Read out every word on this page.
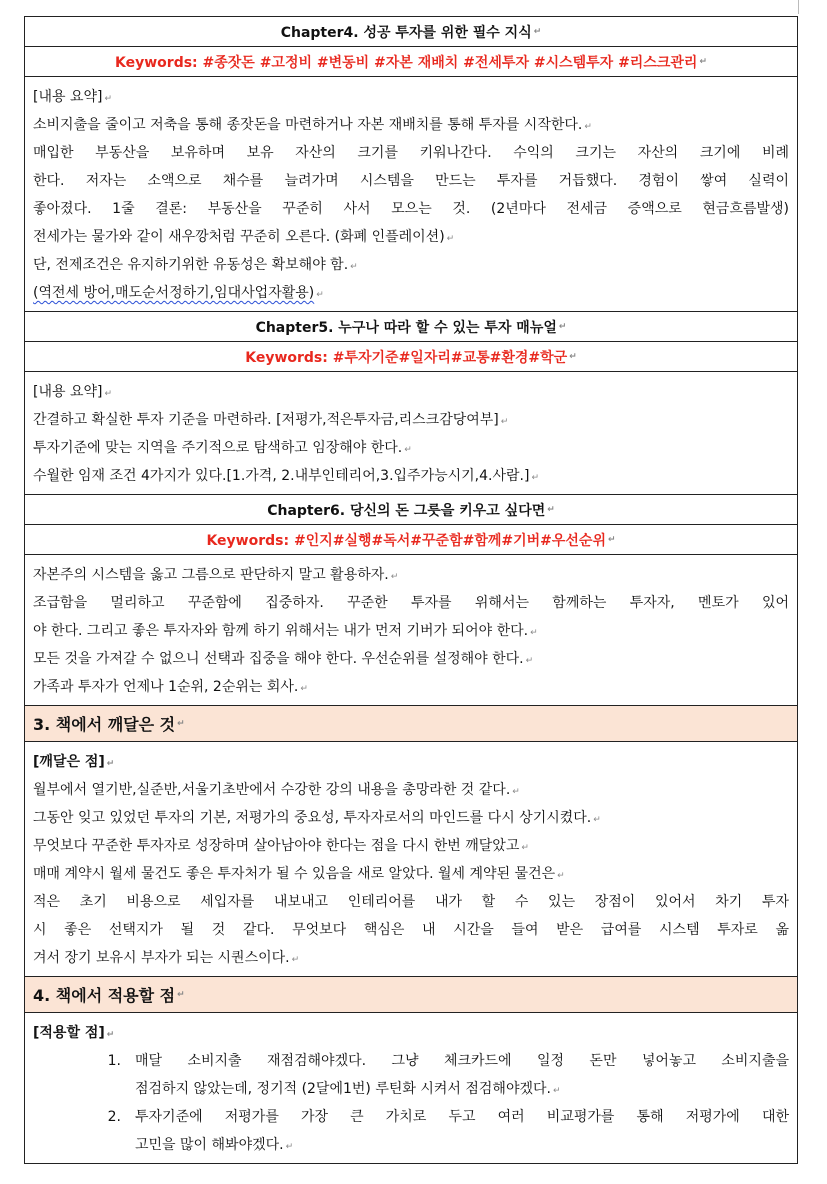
Chapter4. 성공 투자를 위한 필수 지식 ↵
Keywords: #종잣돈 #고정비 #변동비 #자본 재배치 #전세투자 #시스템투자 #리스크관리 ↵
[내용 요약] ↵
소비지출을 줄이고 저축을 통해 종잣돈을 마련하거나 자본 재배치를 통해 투자를 시작한다. ↵
매입한 부동산을 보유하며 보유 자산의 크기를 키워나간다. 수익의 크기는 자산의 크기에 비례
한다. 저자는 소액으로 채수를 늘려가며 시스템을 만드는 투자를 거듭했다. 경험이 쌓여 실력이
좋아졌다. 1줄 결론: 부동산을 꾸준히 사서 모으는 것. (2년마다 전세금 증액으로 현금흐름발생)
전세가는 물가와 같이 새우깡처럼 꾸준히 오른다. (화폐 인플레이션) ↵
단, 전제조건은 유지하기위한 유동성은 확보해야 함. ↵
(역전세 방어,매도순서정하기,임대사업자활용) ↵
Chapter5. 누구나 따라 할 수 있는 투자 매뉴얼 ↵
Keywords: #투자기준#일자리#교통#환경#학군 ↵
[내용 요약] ↵
간결하고 확실한 투자 기준을 마련하라. [저평가,적은투자금,리스크감당여부] ↵
투자기준에 맞는 지역을 주기적으로 탐색하고 임장해야 한다. ↵
수월한 임재 조건 4가지가 있다.[1.가격, 2.내부인테리어,3.입주가능시기,4.사람.] ↵
Chapter6. 당신의 돈 그릇을 키우고 싶다면 ↵
Keywords: #인지#실행#독서#꾸준함#함께#기버#우선순위 ↵
자본주의 시스템을 옳고 그름으로 판단하지 말고 활용하자. ↵
조급함을 멀리하고 꾸준함에 집중하자. 꾸준한 투자를 위해서는 함께하는 투자자, 멘토가 있어
야 한다. 그리고 좋은 투자자와 함께 하기 위해서는 내가 먼저 기버가 되어야 한다. ↵
모든 것을 가져갈 수 없으니 선택과 집중을 해야 한다. 우선순위를 설정해야 한다. ↵
가족과 투자가 언제나 1순위, 2순위는 회사. ↵
3. 책에서 깨달은 것 ↵
[깨달은 점] ↵
월부에서 열기반,실준반,서울기초반에서 수강한 강의 내용을 총망라한 것 같다. ↵
그동안 잊고 있었던 투자의 기본, 저평가의 중요성, 투자자로서의 마인드를 다시 상기시켰다. ↵
무엇보다 꾸준한 투자자로 성장하며 살아남아야 한다는 점을 다시 한번 깨달았고 ↵
매매 계약시 월세 물건도 좋은 투자처가 될 수 있음을 새로 알았다. 월세 계약된 물건은 ↵
적은 초기 비용으로 세입자를 내보내고 인테리어를 내가 할 수 있는 장점이 있어서 차기 투자
시 좋은 선택지가 될 것 같다. 무엇보다 핵심은 내 시간을 들여 받은 급여를 시스템 투자로 옮
겨서 장기 보유시 부자가 되는 시퀀스이다. ↵
4. 책에서 적용할 점 ↵
[적용할 점] ↵
1.	매달 소비지출 재점검해야겠다. 그냥 체크카드에 일정 돈만 넣어놓고 소비지출을
점검하지 않았는데, 정기적 (2달에1번) 루틴화 시켜서 점검해야겠다. ↵
2.	투자기준에 저평가를 가장 큰 가치로 두고 여러 비교평가를 통해 저평가에 대한
고민을 많이 해봐야겠다. ↵
